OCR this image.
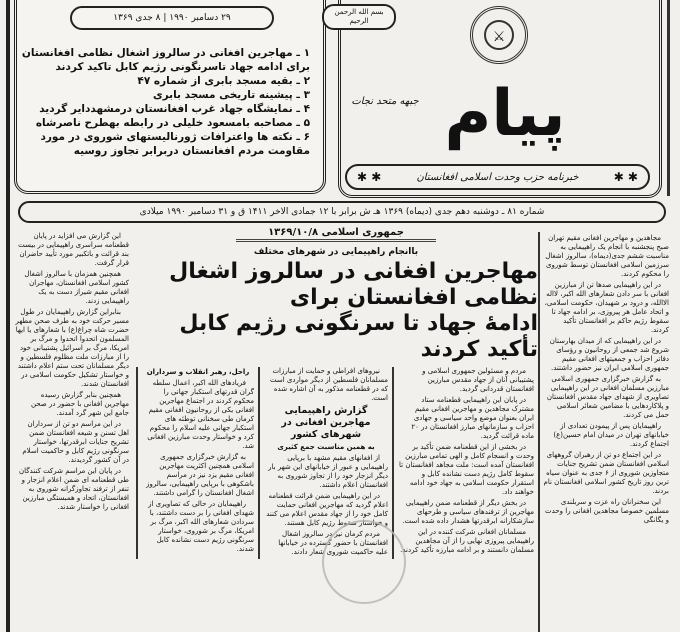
۲۹ دسامبر ۱۹۹۰ | ۸ جدی ۱۳۶۹
۱ ـ مهاجرین افغانی در سالروز اشغال نظامی افغانستان برای ادامه جهاد تاسرنگونی رژیم کابل تاکید کردند
۲ ـ بقیه مسجد بابری از شماره ۴۷
۳ ـ پیشینه تاریخی مسجد بابری
۴ ـ نمایشگاه جهاد غرب افغانستان درمشهددایر گردید
۵ ـ مصاحبه بامسعود خلیلی در رابطه بهطرح ناصرشاه
۶ ـ نکته ها واعترافات ژورنالیستهای شوروی در مورد مقاومت مردم افغانستان دربرابر تجاوز روسیه
بسم الله الرحمن الرحیم
⚔
پیام
جبهه متحد نجات
✱ ✱	خبرنامه حزب وحدت اسلامی افغانستان	✱ ✱
شماره ۸۱ ـ دوشنبه دهم جدی (دیماه) ۱۳۶۹ هـ ش برابر با ۱۲ جمادی الاخر ۱۴۱۱ ق و ۳۱ دسامبر ۱۹۹۰ میلادی

این گزارش می افزاید در پایان قطعنامه سراسری راهپیمایی در بیست بند قرائت و باتکبیر مورد تأیید حاضران قرار گرفت.

همچنین همزمان با سالروز اشغال کشور اسلامی افغانستان، مهاجران افغانی مقیم شیراز دست به یک راهپیمایی زدند.

بنابراین گزارش راهپیمایان در طول مسیر حرکت خود به طرف صحن مطهر حضرت شاه چراغ(ع) با شعارهای یا ایها المسلمون اتحدوا اتحدوا و مرگ بر امریکا، مرگ بر اسرائیل پشتیبانی خود را از مبارزات ملت مظلوم فلسطین و دیگر مسلمانان تحت ستم اعلام داشتند و خواستار تشکیل حکومت اسلامی در افغانستان شدند.

همچنین بنابر گزارش رسیده مهاجرین افغانی با حضور در صحن جامع این شهر گرد آمدند.

در این مراسم دو تن از سرداران اهل تسنن و شیعه افغانستان ضمن تشریح جنایات ابرقدرتها، خواستار سرنگونی رژیم کابل و حاکمیت اسلام در آن کشور گردیدند.

در پایان این مراسم شرکت کنندگان طی قطعنامه ای ضمن اعلام انزجار و تنفر از ترفند تجاوزگرانه شوروی به افغانستان، اتحاد و همبستگی مبارزین افغانی را خواستار شدند.

جمهوری اسلامی ۱۳۶۹/۱۰/۸
باانجام راهپیمایی در شهرهای مختلف
مهاجرین افغانی در سالروز اشغال نظامی افغانستان برای
ادامهٔ جهاد تا سرنگونی رژیم کابل تأکید کردند

مردم و مسئولین جمهوری اسلامی و پشتیبانی آنان از جهاد مقدس مبارزین افغانستان قدردانی گردید.

در پایان این راهپیمایی قطعنامه ستاد مشترک مجاهدین و مهاجرین افغانی مقیم ایران بعنوان موضع واحد سیاسی و جهادی احزاب و سازمانهای مبارز افغانستان در ۲۰ ماده قرائت گردید.

در بخشی از این قطعنامه ضمن تأکید بر وحدت و انسجام کامل و الهی تمامی مبارزین افغانستان آمده است: ملت مجاهد افغانستان تا سقوط کامل رژیم دست نشانده کابل و استقرار حکومت اسلامی به جهاد خود ادامه خواهند داد.

در بخش دیگر از قطعنامه ضمن راهپیمایی مهاجرین از ترفندهای سیاسی و طرحهای سازشکارانه ابرقدرتها هشدار داده شده است.

مسلمانان افغانی شرکت کننده در این راهپیمایی پیروزی نهایی را از آن مجاهدین مسلمان دانستند و بر ادامه مبارزه تأکید کردند.

نیروهای افراطی و حمایت از مبارزات مسلمانان فلسطین از دیگر مواردی است که در قطعنامه مذکور به آن اشاره شده است.

گزارش راهپیمایی مهاجرین افغانی در شهرهای کشور
به همین مناسبت جمع کثیری

از افغانهای مقیم مشهد با برپایی راهپیمایی و عبور از خیابانهای این شهر بار دیگر انزجار خود را از تجاوز شوروی به افغانستان اعلام داشتند.

در این راهپیمایی ضمن قرائت قطعنامه اعلام گردید که مهاجرین افغانی حمایت کامل خود را از جهاد مقدس اعلام می کنند و خواستار سقوط رژیم کابل هستند.

مردم کرمان نیز در سالروز اشغال افغانستان با حضور گسترده در خیابانها علیه حاکمیت شوروی شعار دادند.

راحل، رهبر انقلاب و سرداران

فریادهای الله اکبر، اعمال سلطه گران قدرتهای استکبار جهانی را محکوم کردند در اجتماع مهاجرین افغانی یکی از روحانیون افغانی مقیم کرمان طی سخنانی توطئه های استکبار جهانی علیه اسلام را محکوم کرد و خواستار وحدت مبارزین افغانی شد.

به گزارش خبرگزاری جمهوری اسلامی همچنین اکثریت مهاجرین افغانی مقیم یزد نیز در مراسم باشکوهی با برپایی راهپیمایی، سالروز اشغال افغانستان را گرامی داشتند.

راهپیمایان در حالی که تصاویری از شهدای افغانی را بر دست داشتند، با سردادن شعارهای الله اکبر، مرگ بر امریکا، مرگ بر شوروی، خواستار سرنگونی رژیم دست نشانده کابل شدند.

مجاهدین و مهاجرین افغانی مقیم تهران صبح پنجشنبه با انجام یک راهپیمایی به مناسبت ششم جدی(دیماه)، سالروز اشغال سرزمین اسلامی افغانستان توسط شوروی را محکوم کردند.

در این راهپیمایی صدها تن از مبارزین افغانی با سر دادن شعارهای الله اکبر، لااله الاالله، و درود بر شهیدان، حکومت اسلامی، و اتحاد عامل هر پیروزی، بر ادامه جهاد تا سقوط رژیم حاکم بر افغانستان تأکید کردند.

در این راهپیمایی که از میدان بهارستان شروع شد جمعی از روحانیون و رؤسای دفاتر احزاب و جمعیتهای افغانی مقیم جمهوری اسلامی ایران نیز حضور داشتند.

به گزارش خبرگزاری جمهوری اسلامی مبارزین مسلمان افغانی در این راهپیمایی تصاویری از شهدای جهاد مقدس افغانستان و پلاکاردهایی با مضامین شعائر اسلامی حمل می کردند.

راهپیمایان پس از پیمودن تعدادی از خیابانهای تهران در میدان امام حسین(ع) اجتماع کردند.

در این اجتماع دو تن از رهبران گروههای اسلامی افغانستان ضمن تشریح جنایات متجاوزین شوروی از ۶ جدی به عنوان سیاه ترین روز تاریخ کشور اسلامی افغانستان نام بردند.

این سخنرانان راه عزت و سربلندی مسلمین خصوصا مجاهدین افغانی را وحدت و یگانگی
